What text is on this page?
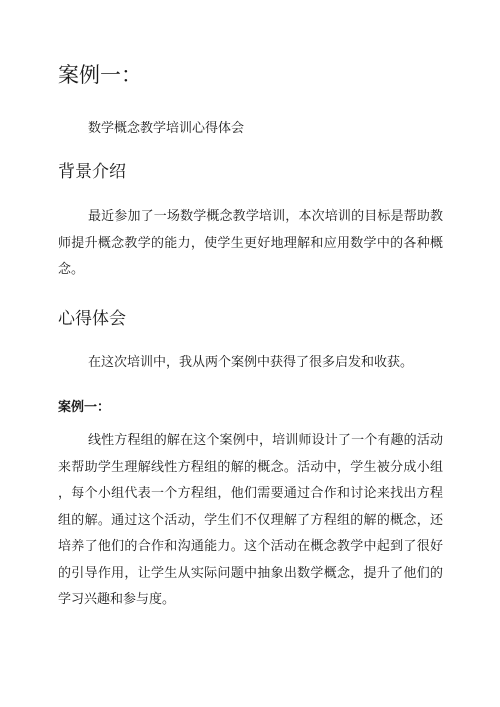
案例一：

数学概念教学培训心得体会

背景介绍
最近参加了一场数学概念教学培训，本次培训的目标是帮助教
师提升概念教学的能力，使学生更好地理解和应用数学中的各种概
念。
心得体会
在这次培训中，我从两个案例中获得了很多启发和收获。
案例一：
线性方程组的解在这个案例中，培训师设计了一个有趣的活动
来帮助学生理解线性方程组的解的概念。活动中，学生被分成小组
，每个小组代表一个方程组，他们需要通过合作和讨论来找出方程
组的解。通过这个活动，学生们不仅理解了方程组的解的概念，还
培养了他们的合作和沟通能力。这个活动在概念教学中起到了很好
的引导作用，让学生从实际问题中抽象出数学概念，提升了他们的
学习兴趣和参与度。
